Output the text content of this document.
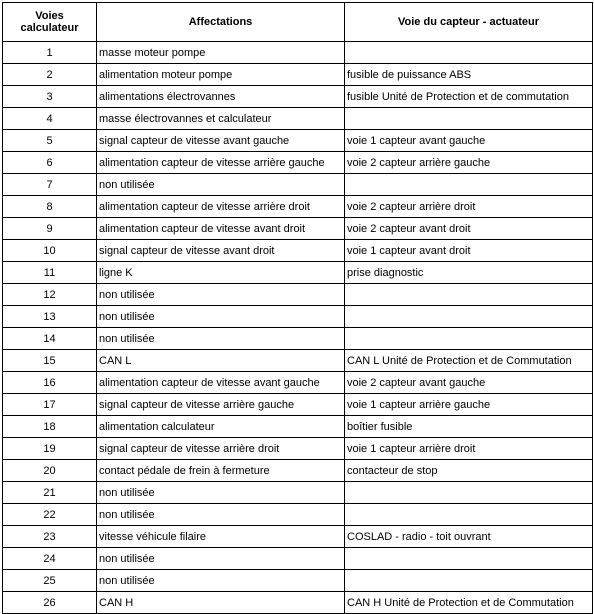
Voies
calculateur	Affectations	Voie du capteur - actuateur
1	masse moteur pompe	
2	alimentation moteur pompe	fusible de puissance ABS
3	alimentations électrovannes	fusible Unité de Protection et de commutation
4	masse électrovannes et calculateur	
5	signal capteur de vitesse avant gauche	voie 1 capteur avant gauche
6	alimentation capteur de vitesse arrière gauche	voie 2 capteur arrière gauche
7	non utilisée	
8	alimentation capteur de vitesse arrière droit	voie 2 capteur arrière droit
9	alimentation capteur de vitesse avant droit	voie 2 capteur avant droit
10	signal capteur de vitesse avant droit	voie 1 capteur avant droit
11	ligne K	prise diagnostic
12	non utilisée	
13	non utilisée	
14	non utilisée	
15	CAN L	CAN L Unité de Protection et de Commutation
16	alimentation capteur de vitesse avant gauche	voie 2 capteur avant gauche
17	signal capteur de vitesse arrière gauche	voie 1 capteur arrière gauche
18	alimentation calculateur	boîtier fusible
19	signal capteur de vitesse arrière droit	voie 1 capteur arrière droit
20	contact pédale de frein à fermeture	contacteur de stop
21	non utilisée	
22	non utilisée	
23	vitesse véhicule filaire	COSLAD - radio - toit ouvrant
24	non utilisée	
25	non utilisée	
26	CAN H	CAN H Unité de Protection et de Commutation
